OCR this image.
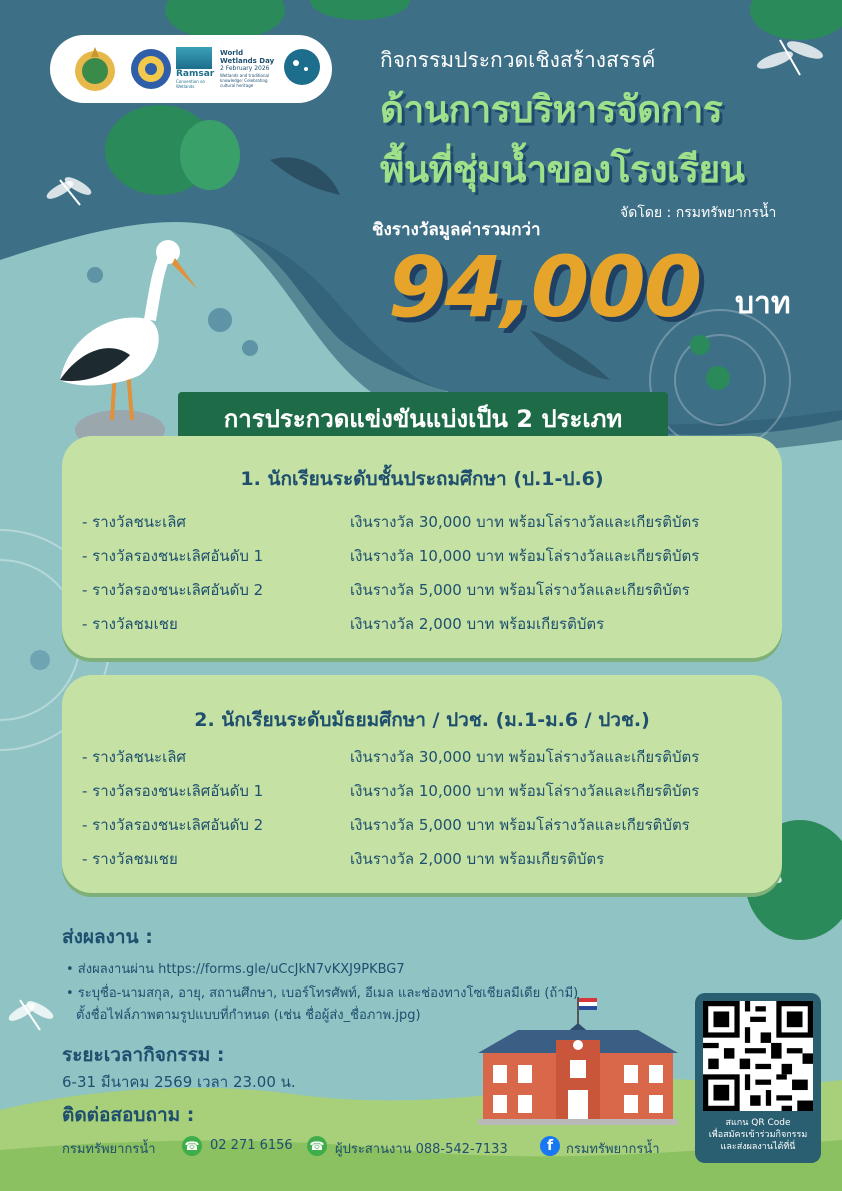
Ramsar
Convention on Wetlands
World Wetlands Day
2 February 2026
Wetlands and traditional knowledge: Celebrating cultural heritage
กิจกรรมประกวดเชิงสร้างสรรค์
ด้านการบริหารจัดการ
พื้นที่ชุ่มน้ำของโรงเรียน
จัดโดย : กรมทรัพยากรน้ำ
ชิงรางวัลมูลค่ารวมกว่า
94,000 บาท
การประกวดแข่งขันแบ่งเป็น 2 ประเภท
1. นักเรียนระดับชั้นประถมศึกษา (ป.1-ป.6)
- รางวัลชนะเลิศ	เงินรางวัล 30,000 บาท พร้อมโล่รางวัลและเกียรติบัตร
- รางวัลรองชนะเลิศอันดับ 1	เงินรางวัล 10,000 บาท พร้อมโล่รางวัลและเกียรติบัตร
- รางวัลรองชนะเลิศอันดับ 2	เงินรางวัล 5,000 บาท พร้อมโล่รางวัลและเกียรติบัตร
- รางวัลชมเชย	เงินรางวัล 2,000 บาท พร้อมเกียรติบัตร
2. นักเรียนระดับมัธยมศึกษา / ปวช. (ม.1-ม.6 / ปวช.)
- รางวัลชนะเลิศ	เงินรางวัล 30,000 บาท พร้อมโล่รางวัลและเกียรติบัตร
- รางวัลรองชนะเลิศอันดับ 1	เงินรางวัล 10,000 บาท พร้อมโล่รางวัลและเกียรติบัตร
- รางวัลรองชนะเลิศอันดับ 2	เงินรางวัล 5,000 บาท พร้อมโล่รางวัลและเกียรติบัตร
- รางวัลชมเชย	เงินรางวัล 2,000 บาท พร้อมเกียรติบัตร
ส่งผลงาน :
• ส่งผลงานผ่าน https://forms.gle/uCcJkN7vKXJ9PKBG7
• ระบุชื่อ-นามสกุล, อายุ, สถานศึกษา, เบอร์โทรศัพท์, อีเมล และช่องทางโซเชียลมีเดีย (ถ้ามี)
ตั้งชื่อไฟล์ภาพตามรูปแบบที่กำหนด (เช่น ชื่อผู้ส่ง_ชื่อภาพ.jpg)
ระยะเวลากิจกรรม :
6-31 มีนาคม 2569 เวลา 23.00 น.
ติดต่อสอบถาม :
กรมทรัพยากรน้ำ ☎ 02 271 6156 ☎ ผู้ประสานงาน 088-542-7133	f กรมทรัพยากรน้ำ
สแกน QR Code
เพื่อสมัครเข้าร่วมกิจกรรม
และส่งผลงานได้ที่นี่
